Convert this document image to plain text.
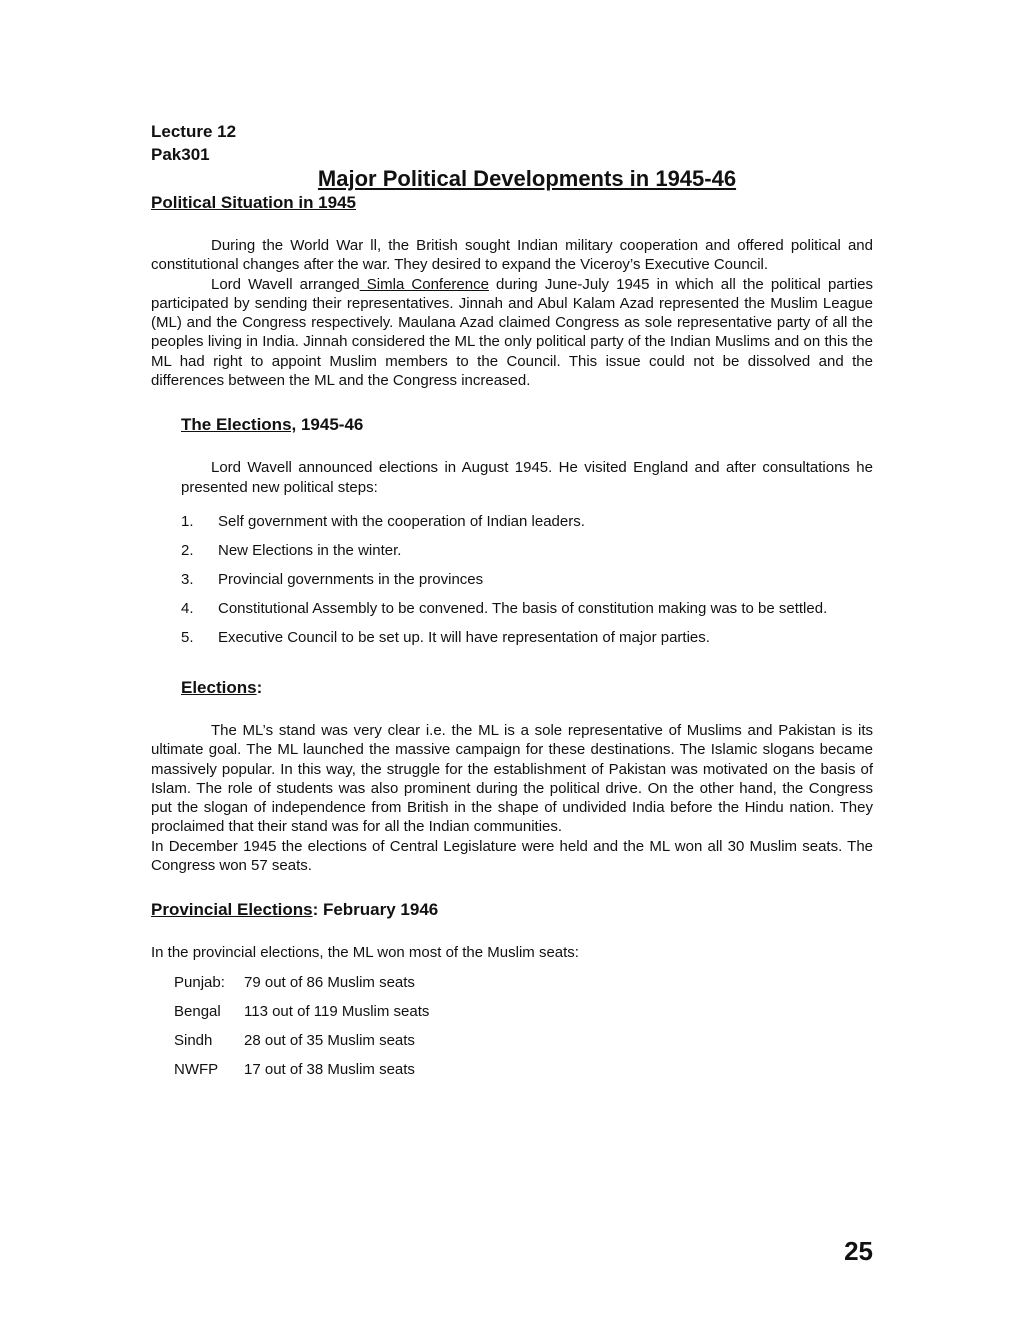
Lecture 12
Pak301
Major Political Developments in 1945-46
Political Situation in 1945

During the World War ll, the British sought Indian military cooperation and offered political and constitutional changes after the war. They desired to expand the Viceroy’s Executive Council.

Lord Wavell arranged Simla Conference during June-July 1945 in which all the political parties participated by sending their representatives. Jinnah and Abul Kalam Azad represented the Muslim League (ML) and the Congress respectively. Maulana Azad claimed Congress as sole representative party of all the peoples living in India. Jinnah considered the ML the only political party of the Indian Muslims and on this the ML had right to appoint Muslim members to the Council. This issue could not be dissolved and the differences between the ML and the Congress increased.

The Elections, 1945-46

Lord Wavell announced elections in August 1945. He visited England and after consultations he presented new political steps:

1.	Self government with the cooperation of Indian leaders.
2.	New Elections in the winter.
3.	Provincial governments in the provinces
4.	Constitutional Assembly to be convened. The basis of constitution making was to be settled.
5.	Executive Council to be set up. It will have representation of major parties.
Elections:

The ML’s stand was very clear i.e. the ML is a sole representative of Muslims and Pakistan is its ultimate goal. The ML launched the massive campaign for these destinations. The Islamic slogans became massively popular. In this way, the struggle for the establishment of Pakistan was motivated on the basis of Islam. The role of students was also prominent during the political drive. On the other hand, the Congress put the slogan of independence from British in the shape of undivided India before the Hindu nation. They proclaimed that their stand was for all the Indian communities.

In December 1945 the elections of Central Legislature were held and the ML won all 30 Muslim seats. The Congress won 57 seats.

Provincial Elections: February 1946

In the provincial elections, the ML won most of the Muslim seats:

Punjab:	79 out of 86 Muslim seats
Bengal	113 out of 119 Muslim seats
Sindh	28 out of 35 Muslim seats
NWFP	17 out of 38 Muslim seats
25
